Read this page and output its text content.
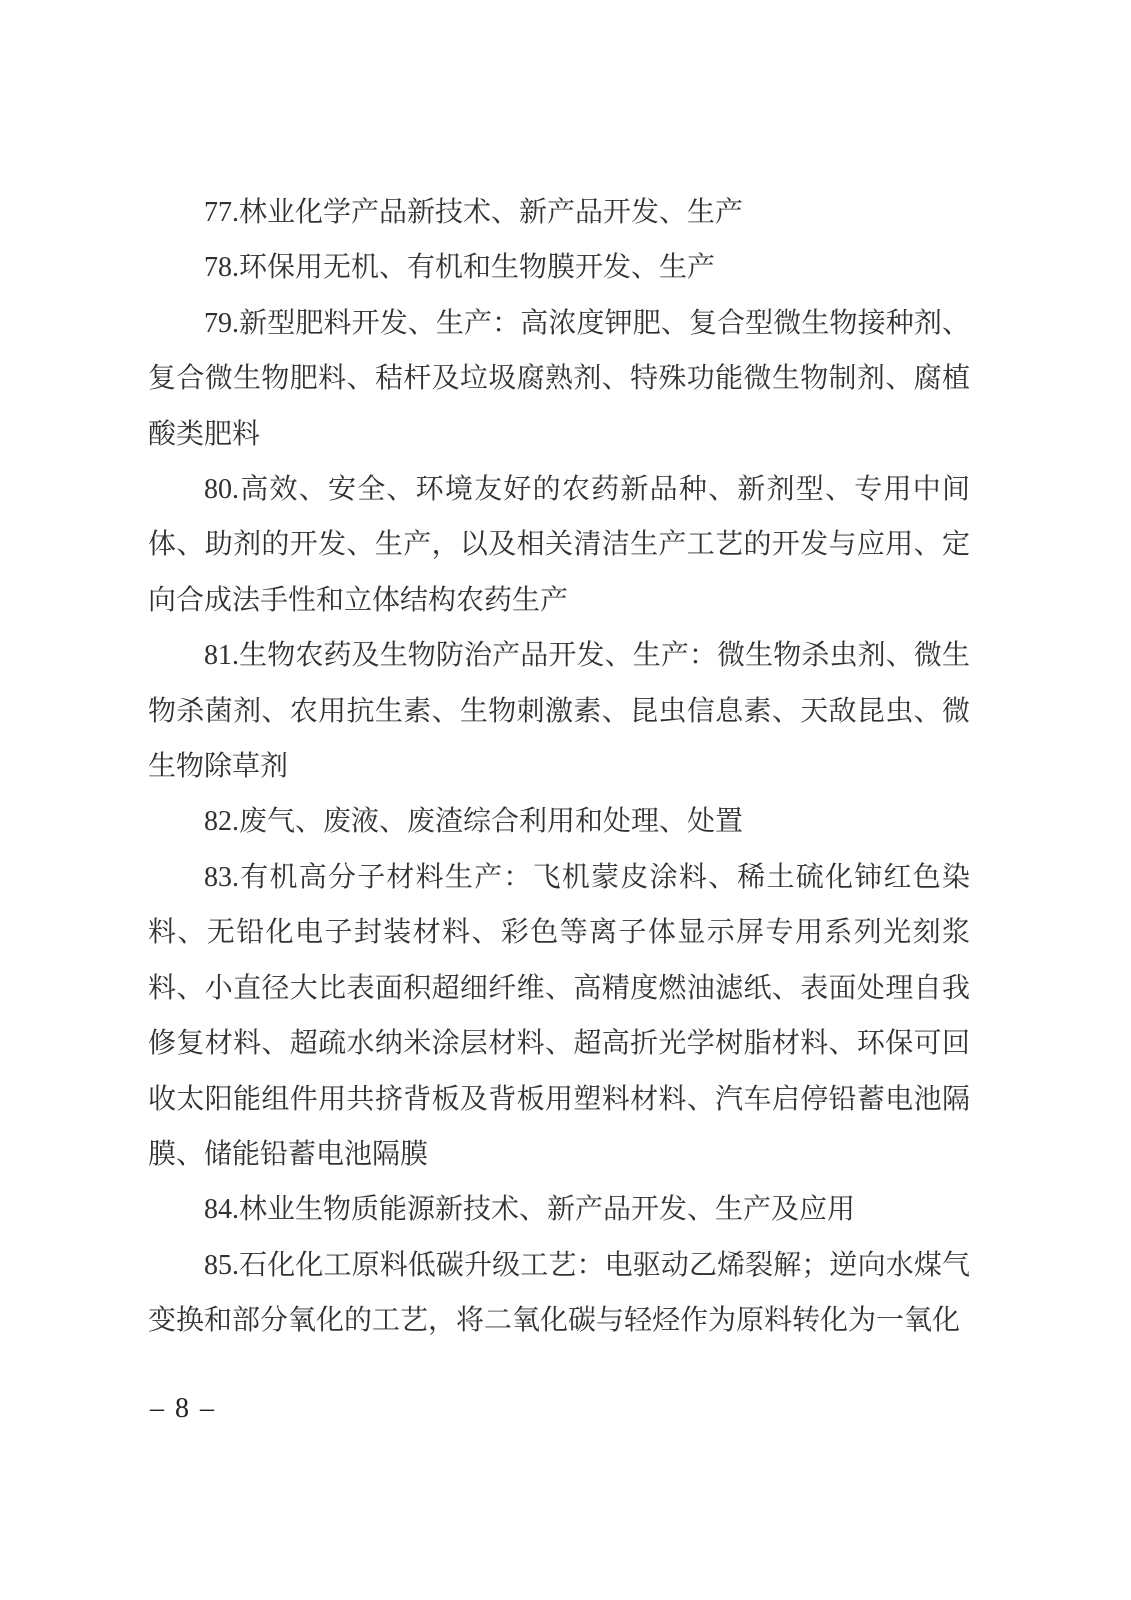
77.林业化学产品新技术、新产品开发、生产

78.环保用无机、有机和生物膜开发、生产

79.新型肥料开发、生产：高浓度钾肥、复合型微生物接种剂、复合微生物肥料、秸杆及垃圾腐熟剂、特殊功能微生物制剂、腐植酸类肥料

80.高效、安全、环境友好的农药新品种、新剂型、专用中间体、助剂的开发、生产，以及相关清洁生产工艺的开发与应用、定向合成法手性和立体结构农药生产

81.生物农药及生物防治产品开发、生产：微生物杀虫剂、微生物杀菌剂、农用抗生素、生物刺激素、昆虫信息素、天敌昆虫、微生物除草剂

82.废气、废液、废渣综合利用和处理、处置

83.有机高分子材料生产：飞机蒙皮涂料、稀土硫化铈红色染料、无铅化电子封装材料、彩色等离子体显示屏专用系列光刻浆料、小直径大比表面积超细纤维、高精度燃油滤纸、表面处理自我修复材料、超疏水纳米涂层材料、超高折光学树脂材料、环保可回收太阳能组件用共挤背板及背板用塑料材料、汽车启停铅蓄电池隔膜、储能铅蓄电池隔膜

84.林业生物质能源新技术、新产品开发、生产及应用

85.石化化工原料低碳升级工艺：电驱动乙烯裂解；逆向水煤气变换和部分氧化的工艺，将二氧化碳与轻烃作为原料转化为一氧化

– 8 –
